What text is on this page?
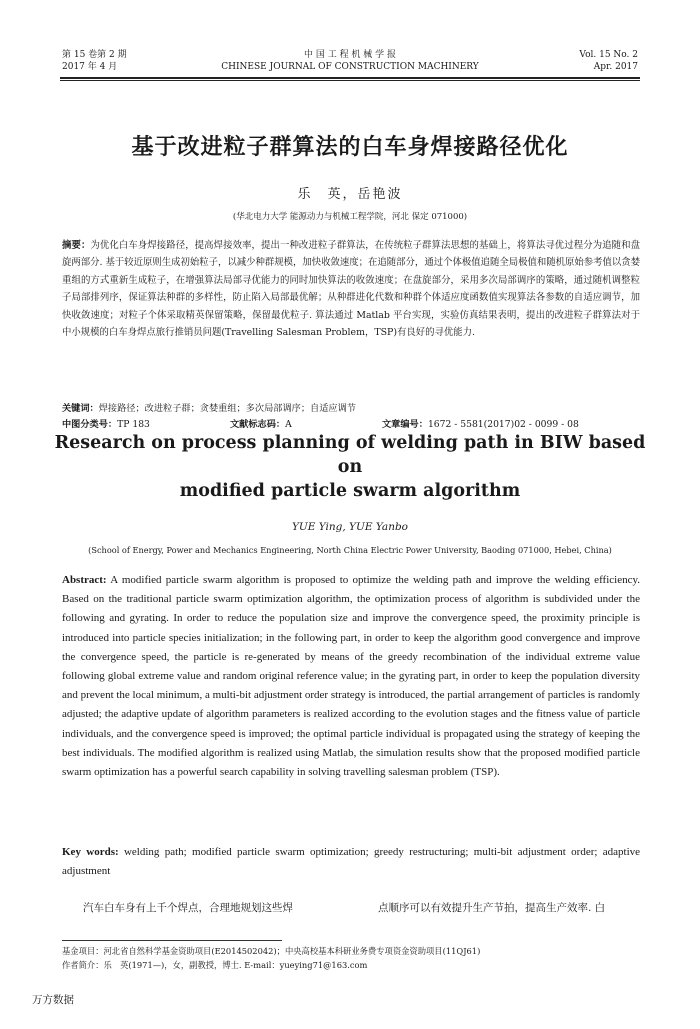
第 15 卷第 2 期
2017 年 4 月
中 国 工 程 机 械 学 报
CHINESE JOURNAL OF CONSTRUCTION MACHINERY
Vol. 15 No. 2
Apr. 2017
基于改进粒子群算法的白车身焊接路径优化
乐　英，岳艳波
(华北电力大学 能源动力与机械工程学院，河北 保定 071000)
摘要：为优化白车身焊接路径，提高焊接效率，提出一种改进粒子群算法，在传统粒子群算法思想的基础上，将算法寻优过程分为追随和盘旋两部分. 基于较近原则生成初始粒子，以减少种群规模，加快收敛速度；在追随部分，通过个体极值追随全局极值和随机原始参考值以贪婪重组的方式重新生成粒子，在增强算法局部寻优能力的同时加快算法的收敛速度；在盘旋部分，采用多次局部调序的策略，通过随机调整粒子局部排列序，保证算法种群的多样性，防止陷入局部最优解；从种群进化代数和种群个体适应度函数值实现算法各参数的自适应调节，加快收敛速度；对粒子个体采取精英保留策略，保留最优粒子. 算法通过 Matlab 平台实现，实验仿真结果表明，提出的改进粒子群算法对于中小规模的白车身焊点旅行推销员问题(Travelling Salesman Problem，TSP)有良好的寻优能力.
关键词：焊接路径；改进粒子群；贪婪重组；多次局部调序；自适应调节
中图分类号：TP 183	文献标志码：A	文章编号：1672 - 5581(2017)02 - 0099 - 08
Research on process planning of welding path in BIW based on
modified particle swarm algorithm
YUE Ying, YUE Yanbo
(School of Energy, Power and Mechanics Engineering, North China Electric Power University, Baoding 071000, Hebei, China)
Abstract: A modified particle swarm algorithm is proposed to optimize the welding path and improve the welding efficiency. Based on the traditional particle swarm optimization algorithm, the optimization process of algorithm is subdivided under the following and gyrating. In order to reduce the population size and improve the convergence speed, the proximity principle is introduced into particle species initialization; in the following part, in order to keep the algorithm good convergence and improve the convergence speed, the particle is re-generated by means of the greedy recombination of the individual extreme value following global extreme value and random original reference value; in the gyrating part, in order to keep the population diversity and prevent the local minimum, a multi-bit adjustment order strategy is introduced, the partial arrangement of particles is randomly adjusted; the adaptive update of algorithm parameters is realized according to the evolution stages and the fitness value of particle individuals, and the convergence speed is improved; the optimal particle individual is propagated using the strategy of keeping the best individuals. The modified algorithm is realized using Matlab, the simulation results show that the proposed modified particle swarm optimization has a powerful search capability in solving travelling salesman problem (TSP).
Key words: welding path; modified particle swarm optimization; greedy restructuring; multi-bit adjustment order; adaptive adjustment
汽车白车身有上千个焊点，合理地规划这些焊	点顺序可以有效提升生产节拍，提高生产效率. 白
基金项目：河北省自然科学基金资助项目(E2014502042)；中央高校基本科研业务费专项资金资助项目(11QJ61)
作者简介：乐　英(1971—)，女，副教授，博士. E-mail：yueying71@163.com
万方数据
